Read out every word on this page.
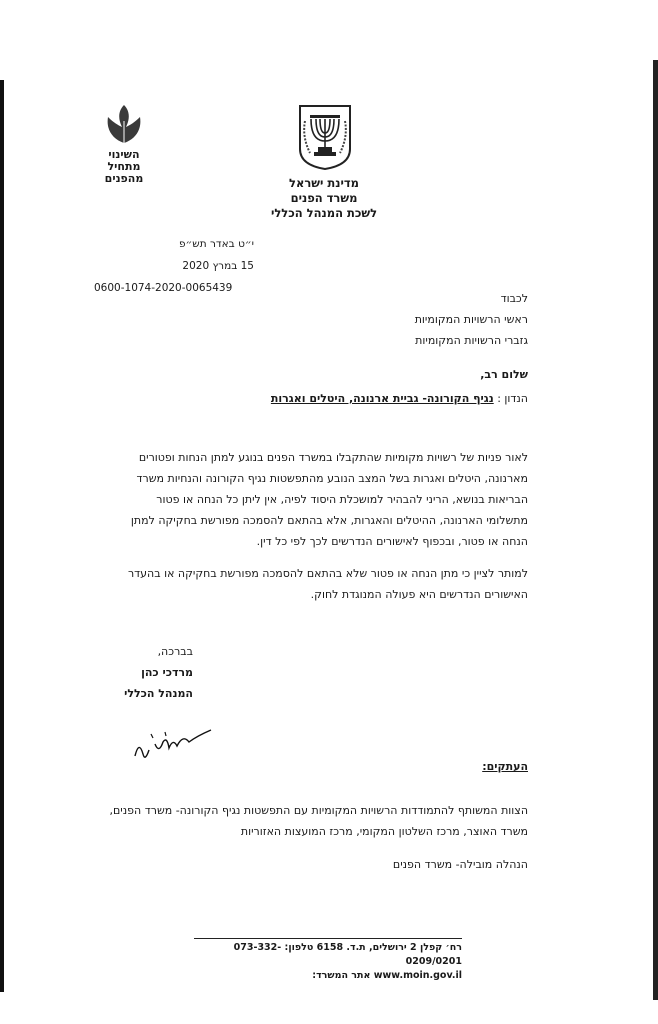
השינוי
מתחיל
מהפנים	מדינת ישראל
משרד הפנים
לשכת המנהל הכללי
י״ט באדר תש״פ
15 במרץ 2020
0600-1074-2020-0065439
לכבוד
ראשי הרשויות המקומיות
גזברי הרשויות המקומיות
שלום רב,
הנדון : נגיף הקורונה- גביית ארנונה, היטלים ואגרות
לאור פניות של רשויות מקומיות שהתקבלו במשרד הפנים בנוגע למתן הנחות ופטורים מארנונה, היטלים ואגרות בשל המצב הנובע מהתפשטות נגיף הקורונה והנחיות משרד הבריאות בנושא, הריני להבהיר למושכלת היסוד לפיה, אין ליתן כל הנחה או פטור מתשלומי הארנונה, ההיטלים והאגרות, אלא בהתאם להסמכה מפורשת בחקיקה למתן הנחה או פטור, ובכפוף לאישורים הנדרשים לכך לפי כל דין.
למותר לציין כי מתן הנחה או פטור שלא בהתאם להסמכה מפורשת בחקיקה או בהעדר האישורים הנדרשים היא פעולה המנוגדת לחוק.
בברכה,
מרדכי כהן
המנהל הכללי
העתקים:
הצוות המשותף להתמודדות הרשויות המקומיות עם התפשטות נגיף הקורונה- משרד הפנים, משרד האוצר, מרכז השלטון המקומי, מרכז המועצות האזוריות
הנהלה מובילה- משרד הפנים
רח׳ קפלן 2 ירושלים, ת.ד. 6158 טלפון: 073-332-0209/0201
www.moin.gov.il אתר המשרד:
